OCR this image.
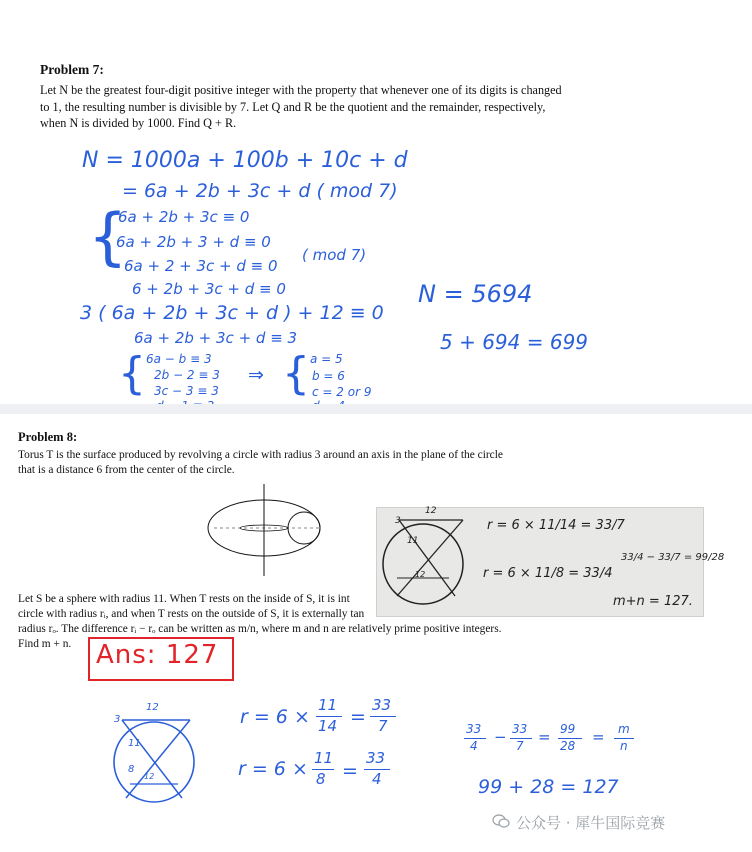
Problem 7:
Let N be the greatest four-digit positive integer with the property that whenever one of its digits is changed
to 1, the resulting number is divisible by 7. Let Q and R be the quotient and the remainder, respectively,
when N is divided by 1000. Find Q + R.
N = 1000a + 100b + 10c + d
= 6a + 2b + 3c + d ( mod 7)
{
6a + 2b + 3c ≡ 0
6a + 2b + 3 + d ≡ 0
6a + 2 + 3c + d ≡ 0
6 + 2b + 3c + d ≡ 0
( mod 7)
3 ( 6a + 2b + 3c + d ) + 12 ≡ 0
6a + 2b + 3c + d ≡ 3
{ 6a − b ≡ 3
2b − 2 ≡ 3
3c − 3 ≡ 3
⇒ { a = 5
b = 6
c = 2 or 9
N = 5694
5 + 694 = 699
Problem 8:
Torus T is the surface produced by revolving a circle with radius 3 around an axis in the plane of the circle
that is a distance 6 from the center of the circle.
Let S be a sphere with radius 11. When T rests on the inside of S, it is int
circle with radius rᵢ, and when T rests on the outside of S, it is externally tan
radius rₒ. The difference rᵢ − rₒ can be written as m/n, where m and n are relatively prime positive integers.
Find m + n.
12
3
11
12
r = 6 × 11/14 = 33/7
r = 6 × 11/8 = 33/4
33/4 − 33/7 = 99/28
m+n = 127.
Ans: 127
12
3
11
8
12
r = 6 ×
11
14 =
33
7
r = 6 × 11
8 =
33
4
33
4 − 33
7 = 99
28 = m
n
99 + 28 = 127
公众号 · 犀牛国际竞赛
